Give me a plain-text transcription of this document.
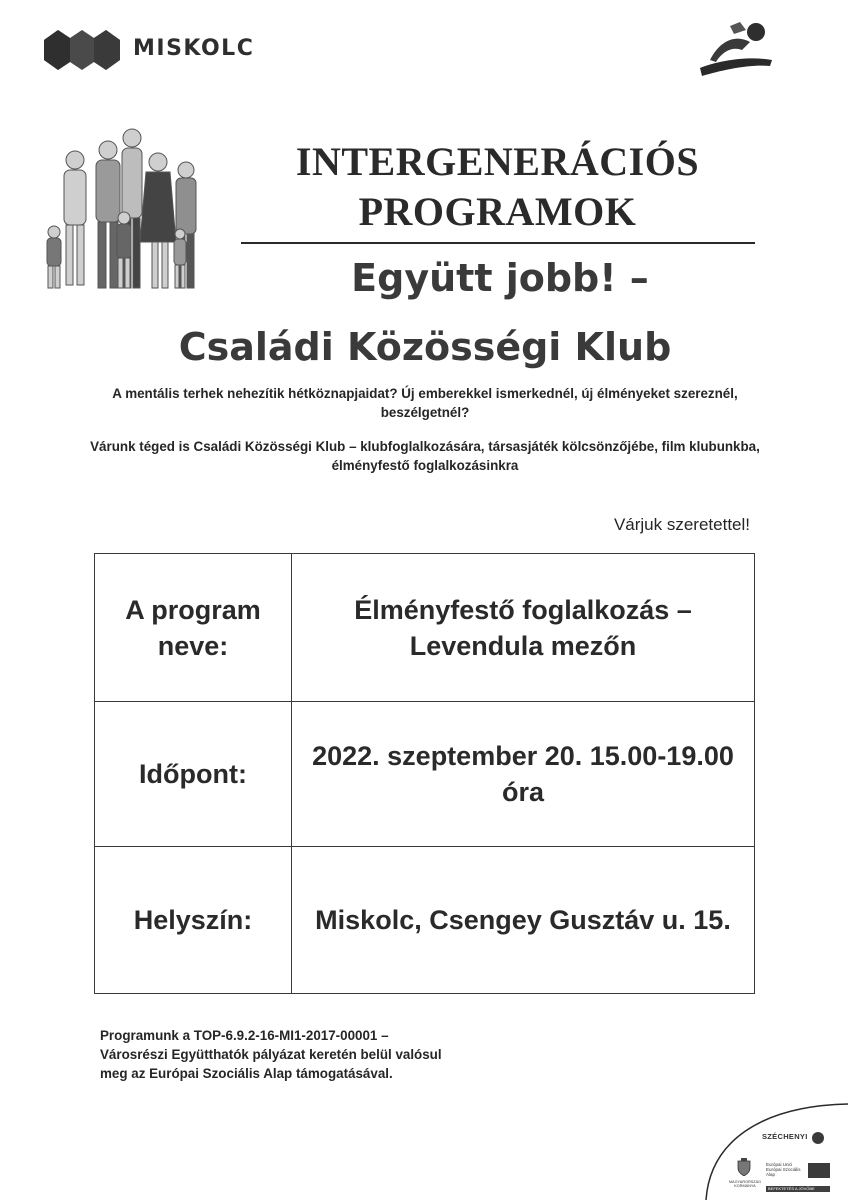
MISKOLC
INTERGENERÁCIÓS
PROGRAMOK
Együtt jobb! –
Családi Közösségi Klub
A mentális terhek nehezítik hétköznapjaidat? Új emberekkel ismerkednél, új élményeket szereznél,
beszélgetnél?
Várunk téged is Családi Közösségi Klub – klubfoglalkozására, társasjáték kölcsönzőjébe, film klubunkba,
élményfestő foglalkozásinkra
Várjuk szeretettel!
A program neve:	Élményfestő foglalkozás – Levendula mezőn
Időpont:	2022. szeptember 20. 15.00-19.00 óra
Helyszín:	Miskolc, Csengey Gusztáv u. 15.
Programunk a TOP-6.9.2-16-MI1-2017-00001 –
Városrészi Együtthatók pályázat keretén belül valósul
meg az Európai Szociális Alap támogatásával.
SZÉCHENYI
MAGYARORSZÁG KORMÁNYA
Európai Unió Európai Szociális Alap
BEFEKTETÉS A JÖVŐBE
